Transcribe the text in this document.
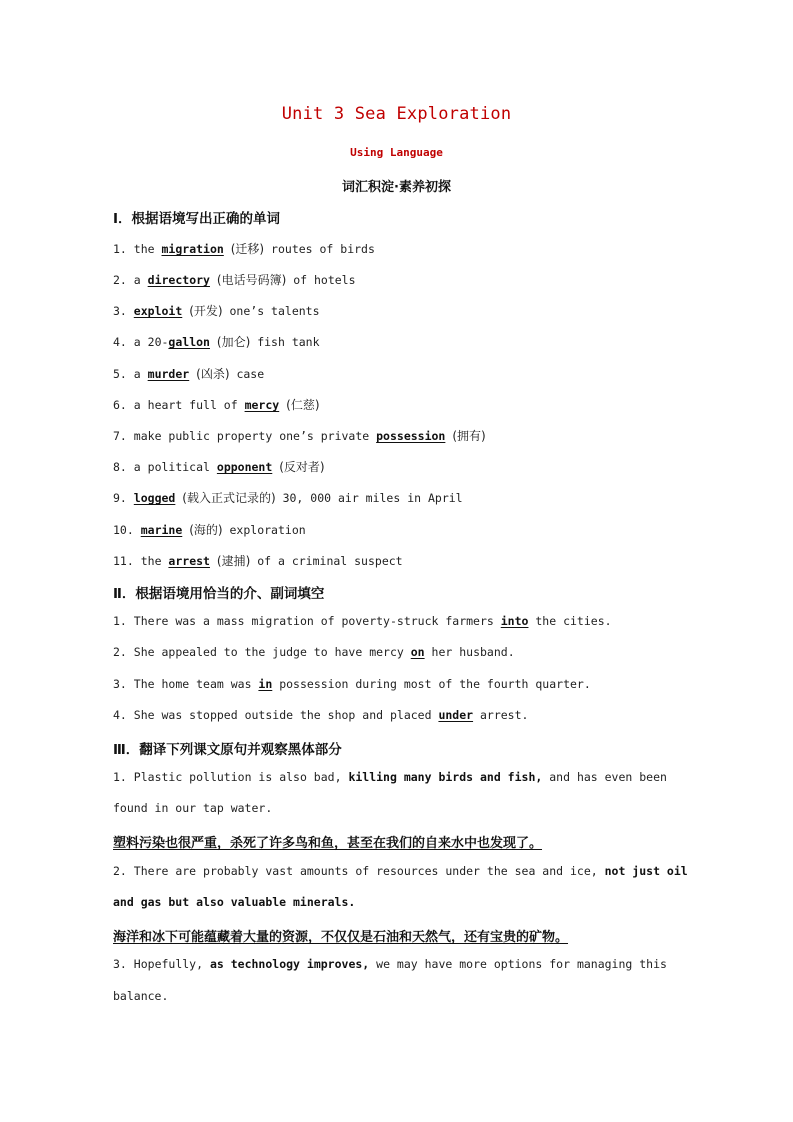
Unit 3 Sea Exploration
Using Language
词汇积淀·素养初探
Ⅰ．根据语境写出正确的单词
1. the migration (迁移) routes of birds
2. a directory (电话号码簿) of hotels
3. exploit (开发) one’s talents
4. a 20-gallon (加仑) fish tank
5. a murder (凶杀) case
6. a heart full of mercy (仁慈)
7. make public property one’s private possession (拥有)
8. a political opponent (反对者)
9. logged (载入正式记录的) 30, 000 air miles in April
10. marine (海的) exploration
11. the arrest (逮捕) of a criminal suspect
Ⅱ．根据语境用恰当的介、副词填空
1. There was a mass migration of poverty-struck farmers into the cities.
2. She appealed to the judge to have mercy on her husband.
3. The home team was in possession during most of the fourth quarter.
4. She was stopped outside the shop and placed under arrest.
Ⅲ．翻译下列课文原句并观察黑体部分
1. Plastic pollution is also bad, killing many birds and fish, and has even been
found in our tap water.
塑料污染也很严重，杀死了许多鸟和鱼，甚至在我们的自来水中也发现了。
2. There are probably vast amounts of resources under the sea and ice, not just oil
and gas but also valuable minerals.
海洋和冰下可能蕴藏着大量的资源，不仅仅是石油和天然气，还有宝贵的矿物。
3. Hopefully, as technology improves, we may have more options for managing this
balance.
